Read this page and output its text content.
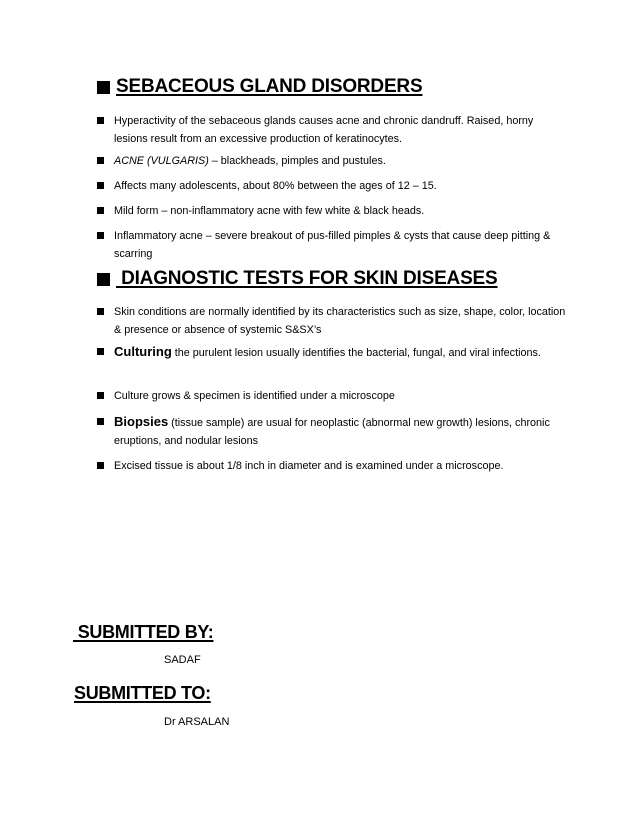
SEBACEOUS GLAND DISORDERS
Hyperactivity of the sebaceous glands causes acne and chronic dandruff. Raised, horny lesions result from an excessive production of keratinocytes.
ACNE (VULGARIS) – blackheads, pimples and pustules.
Affects many adolescents, about 80% between the ages of 12 – 15.
Mild form – non-inflammatory acne with few white & black heads.
Inflammatory acne – severe breakout of pus-filled pimples & cysts that cause deep pitting & scarring
DIAGNOSTIC TESTS FOR SKIN DISEASES
Skin conditions are normally identified by its characteristics such as size, shape, color, location & presence or absence of systemic S&SX’s
Culturing the purulent lesion usually identifies the bacterial, fungal, and viral infections.
Culture grows & specimen is identified under a microscope
Biopsies (tissue sample) are usual for neoplastic (abnormal new growth) lesions, chronic eruptions, and nodular lesions
Excised tissue is about 1/8 inch in diameter and is examined under a microscope.
SUBMITTED BY:
SADAF
SUBMITTED TO:
Dr ARSALAN
